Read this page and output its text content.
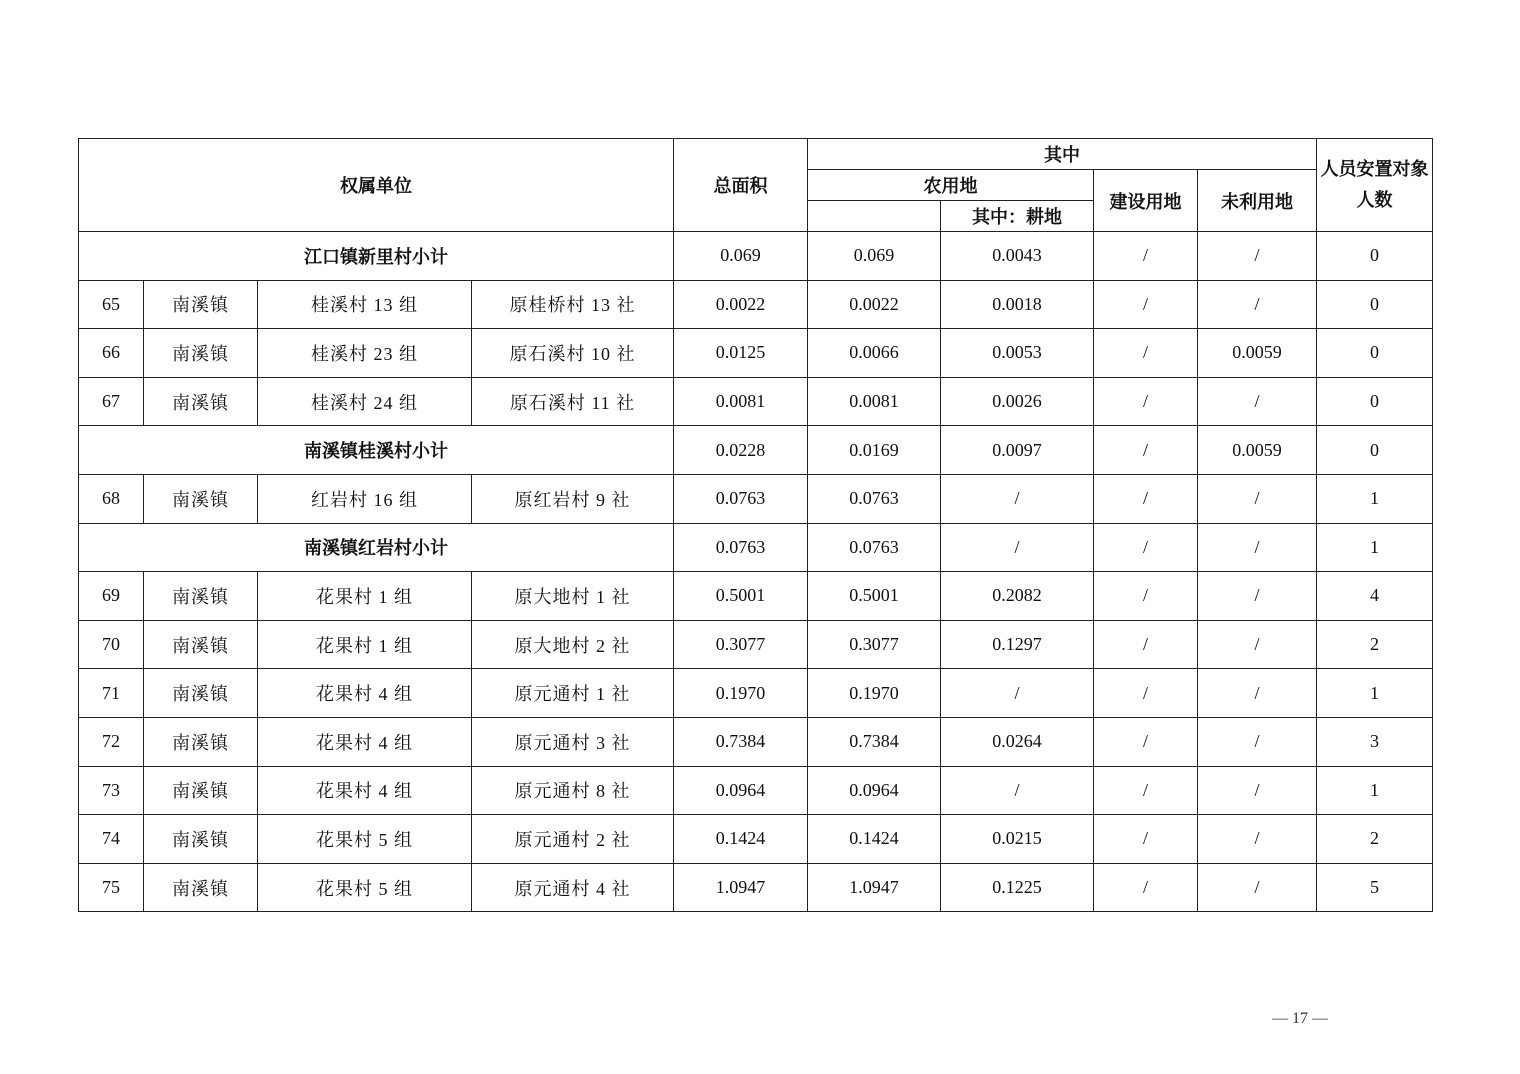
权属单位				总面积	其中				人员安置对象人数
					农用地		建设用地	未利用地	
						其中：耕地			
江口镇新里村小计				0.069	0.069	0.0043	/	/	0
65	南溪镇	桂溪村 13 组	原桂桥村 13 社	0.0022	0.0022	0.0018	/	/	0
66	南溪镇	桂溪村 23 组	原石溪村 10 社	0.0125	0.0066	0.0053	/	0.0059	0
67	南溪镇	桂溪村 24 组	原石溪村 11 社	0.0081	0.0081	0.0026	/	/	0
南溪镇桂溪村小计				0.0228	0.0169	0.0097	/	0.0059	0
68	南溪镇	红岩村 16 组	原红岩村 9 社	0.0763	0.0763	/	/	/	1
南溪镇红岩村小计				0.0763	0.0763	/	/	/	1
69	南溪镇	花果村 1 组	原大地村 1 社	0.5001	0.5001	0.2082	/	/	4
70	南溪镇	花果村 1 组	原大地村 2 社	0.3077	0.3077	0.1297	/	/	2
71	南溪镇	花果村 4 组	原元通村 1 社	0.1970	0.1970	/	/	/	1
72	南溪镇	花果村 4 组	原元通村 3 社	0.7384	0.7384	0.0264	/	/	3
73	南溪镇	花果村 4 组	原元通村 8 社	0.0964	0.0964	/	/	/	1
74	南溪镇	花果村 5 组	原元通村 2 社	0.1424	0.1424	0.0215	/	/	2
75	南溪镇	花果村 5 组	原元通村 4 社	1.0947	1.0947	0.1225	/	/	5
— 17 —
